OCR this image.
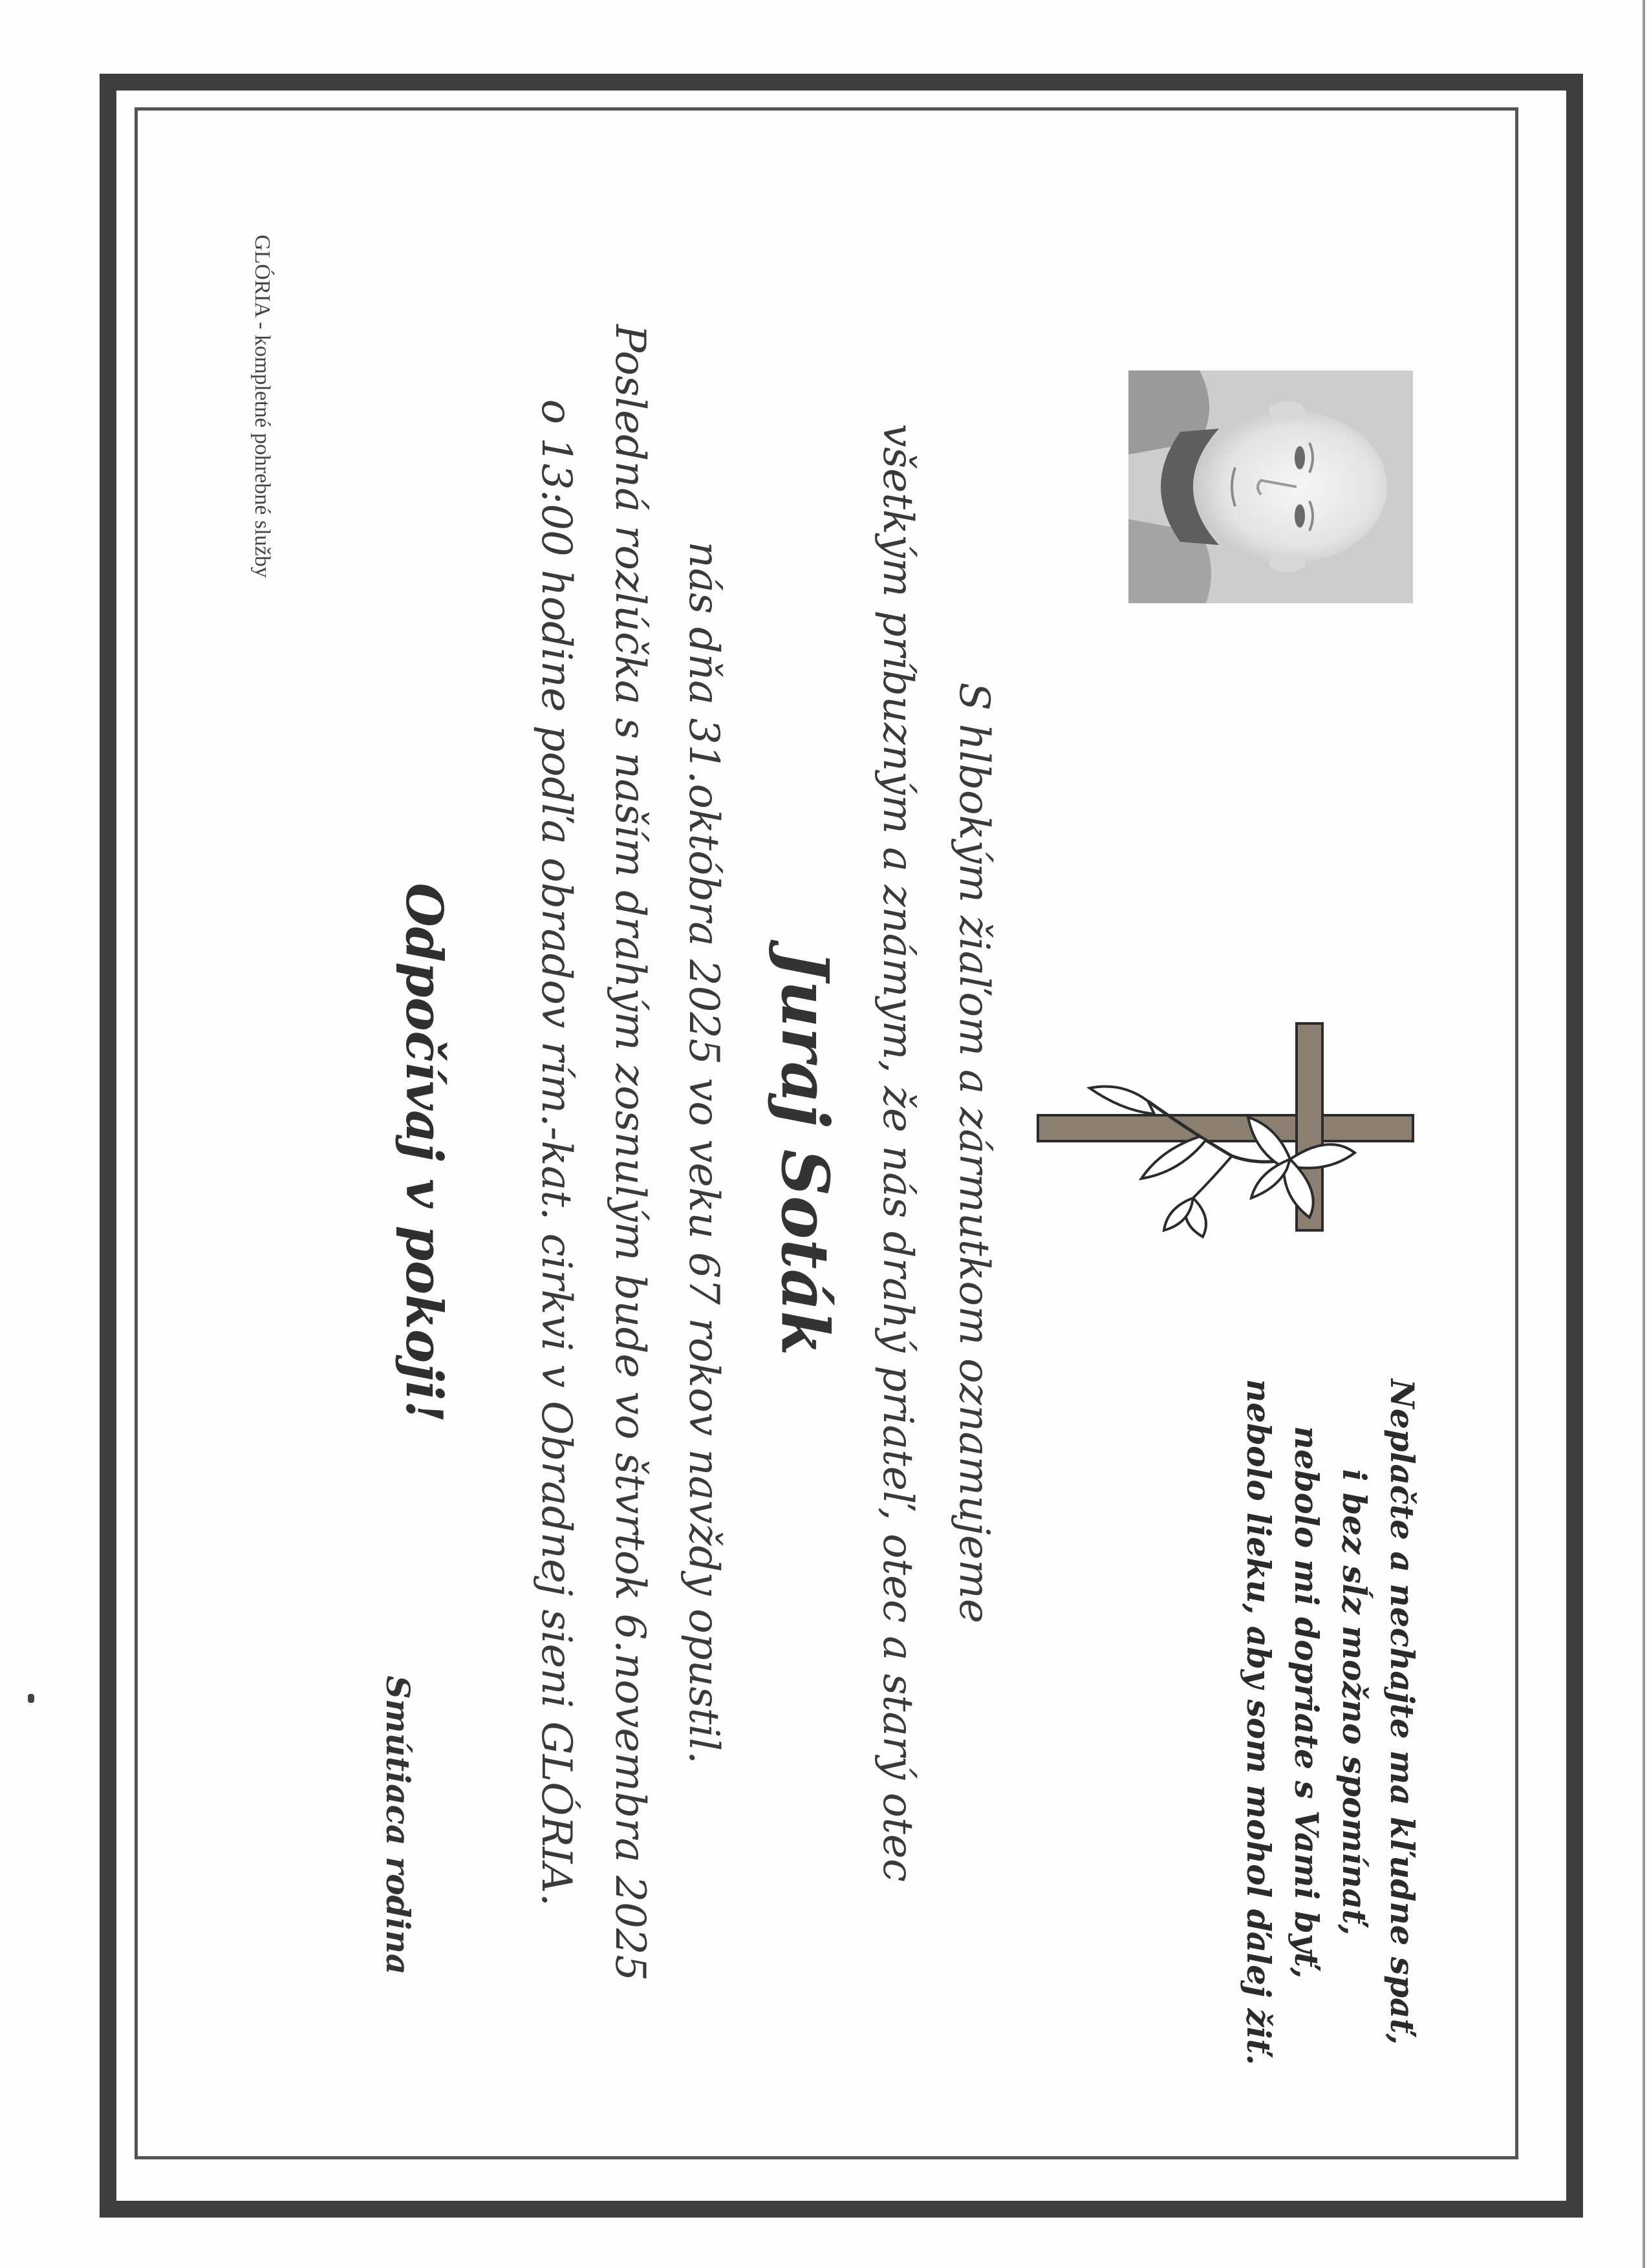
Neplačte a nechajte ma kľudne spať,
i bez sĺz možno spomínať,
nebolo mi dopriate s Vami byť,
nebolo lieku, aby som mohol ďalej žiť.
S hlbokým žiaľom a zármutkom oznamujeme
všetkým príbuzným a známym, že nás drahý priateľ, otec a starý otec
Juraj Soták
nás dňa 31.októbra 2025 vo veku 67 rokov navždy opustil.
Posledná rozlúčka s naším drahým zosnulým bude vo štvrtok 6.novembra 2025
o 13:00 hodine podľa obradov rím.-kat. cirkvi v Obradnej sieni GLÓRIA.
Odpočívaj v pokoji!
Smútiaca rodina
GLÓRIA - kompletné pohrebné služby
